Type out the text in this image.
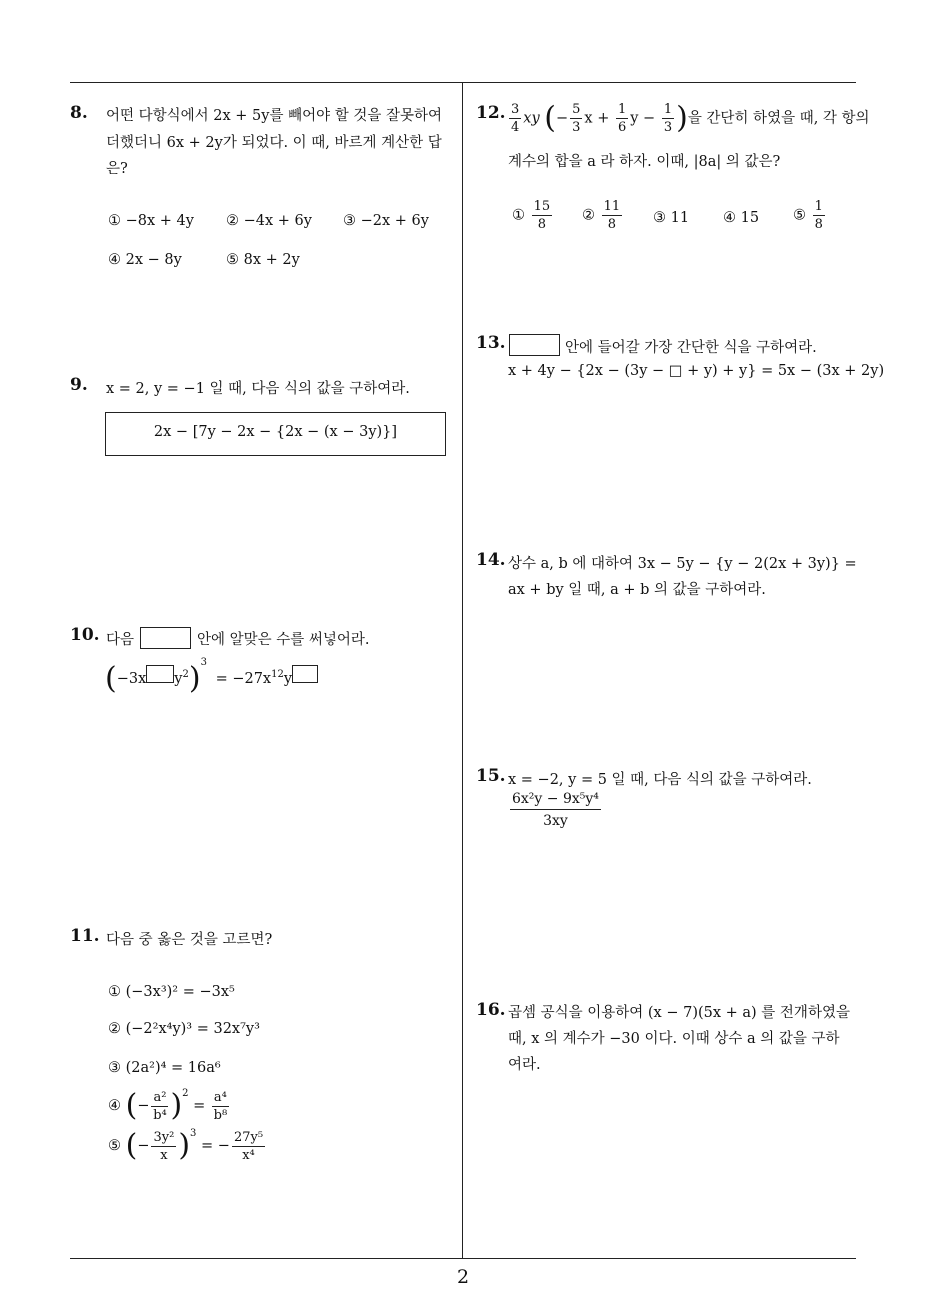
8. 어떤 다항식에서 2x + 5y를 빼어야 할 것을 잘못하여
더했더니 6x + 2y가 되었다. 이 때, 바르게 계산한 답
은?
① −8x + 4y ② −4x + 6y ③ −2x + 6y
④ 2x − 8y	⑤ 8x + 2y
9. x = 2, y = −1 일 때, 다음 식의 값을 구하여라.
2x − [7y − 2x − {2x − (x − 3y)}]
10. 다음	안에 알맞은 수를 써넣어라.
(−3x $y^2)^3 = -27x^{12}y$
11. 다음 중 옳은 것을 고르면?
① (−3x³)² = −3x⁵
② (−2²x⁴y)³ = 32x⁷y³
③ (2a²)⁴ = 16a⁶
④ (− $\frac{\text{a²}}{\text{b⁴}} )^2 = \frac{\text{a⁴}}{\text{b⁸}}$
⑤ (− $\frac{\text{3y²}}{x} )^3$ = − $\frac{\text{27y⁵}}{\text{x⁴}}$
12. $\frac{3}{4}$ xy (− $\frac{5}{3}$ $x + \frac{1}{6}$ $y - \frac{1}{3}$ )을 간단히 하였을 때, 각 항의
계수의 합을 a 라 하자. 이때, |8a| 의 값은?
① $\frac{15}{8}$ ② $\frac{11}{8}$ ③ 11 ④ 15 ⑤ $\frac{1}{8}$
13.	안에 들어갈 가장 간단한 식을 구하여라.
x + 4y − {2x − (3y − □ + y) + y} = 5x − (3x + 2y)
14. 상수 a, b 에 대하여 3x − 5y − {y − 2(2x + 3y)} =
ax + by 일 때, a + b 의 값을 구하여라.
15. x = −2, y = 5 일 때, 다음 식의 값을 구하여라.
$\frac{\text{6x²y − 9x⁵y⁴}}{3xy}$
16. 곱셈 공식을 이용하여 (x − 7)(5x + a) 를 전개하였을
때, x 의 계수가 −30 이다. 이때 상수 a 의 값을 구하
여라.
2
